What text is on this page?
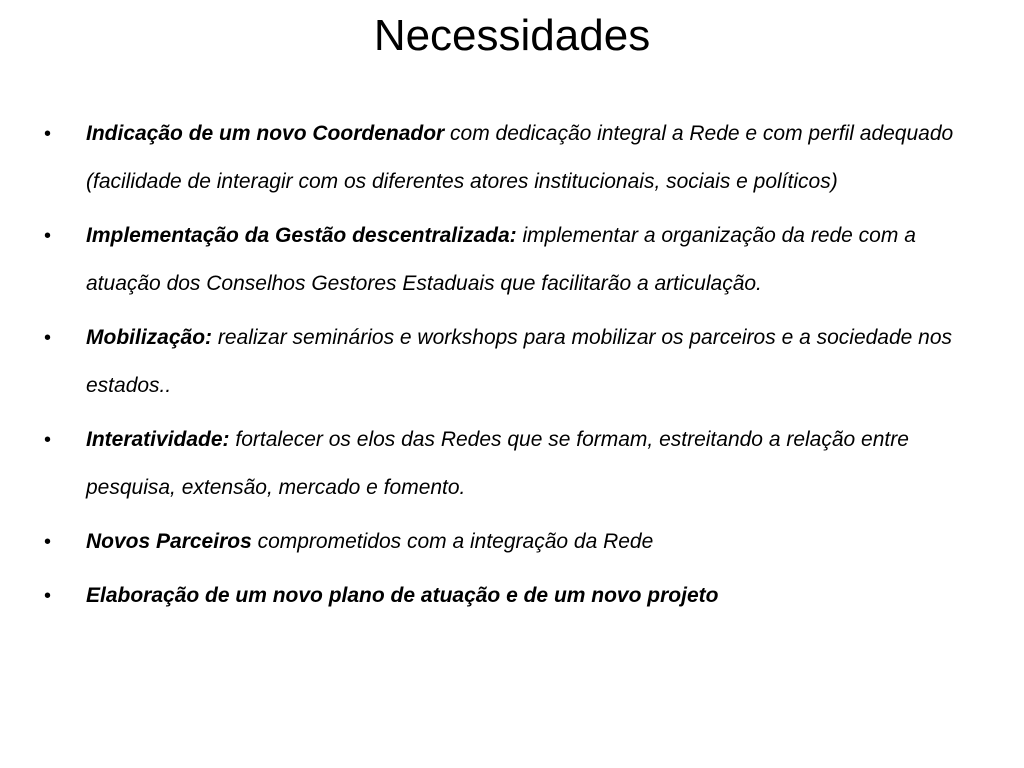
Necessidades
• Indicação de um novo Coordenador com dedicação integral a Rede e com perfil adequado (facilidade de interagir com os diferentes atores institucionais, sociais e políticos)
• Implementação da Gestão descentralizada: implementar a organização da rede com a atuação dos Conselhos Gestores Estaduais que facilitarão a articulação.
• Mobilização: realizar seminários e workshops para mobilizar os parceiros e a sociedade nos estados..
• Interatividade: fortalecer os elos das Redes que se formam, estreitando a relação entre pesquisa, extensão, mercado e fomento.
• Novos Parceiros comprometidos com a integração da Rede
• Elaboração de um novo plano de atuação e de um novo projeto
